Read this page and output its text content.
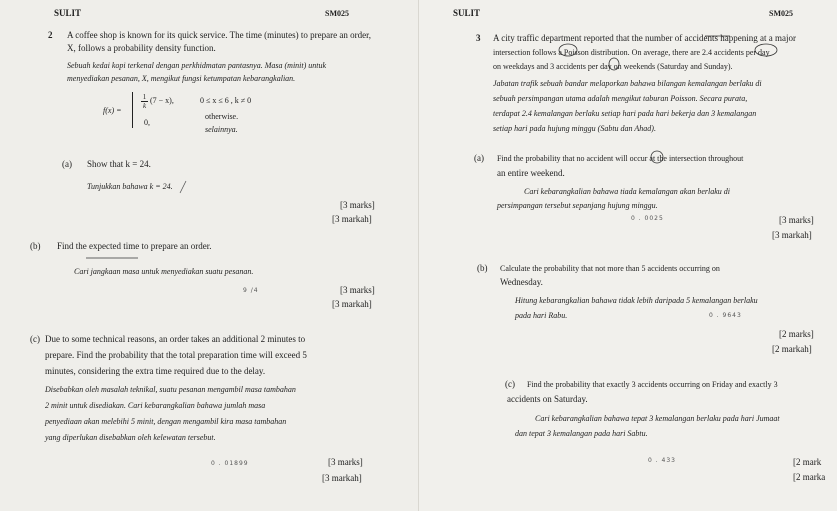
SULIT	SM025
2 A coffee shop is known for its quick service. The time (minutes) to prepare an order,
X, follows a probability density function.
Sebuah kedai kopi terkenal dengan perkhidmatan pantasnya. Masa (minit) untuk
menyediakan pesanan, X, mengikut fungsi ketumpatan kebarangkalian.
f(x) =
$\frac{1}{k} (7 - x)$,	0 ≤ x ≤ 6 , k ≠ 0
0,
otherwise.
selainnya.
(a) Show that k = 24.
Tunjukkan bahawa k = 24.
[3 marks]
[3 markah]
(b) Find the expected time to prepare an order.
Cari jangkaan masa untuk menyediakan suatu pesanan.
9 /4	[3 marks]
[3 markah]
(c) Due to some technical reasons, an order takes an additional 2 minutes to
prepare. Find the probability that the total preparation time will exceed 5
minutes, considering the extra time required due to the delay.
Disebabkan oleh masalah teknikal, suatu pesanan mengambil masa tambahan
2 minit untuk disediakan. Cari kebarangkalian bahawa jumlah masa
penyediaan akan melebihi 5 minit, dengan mengambil kira masa tambahan
yang diperlukan disebabkan oleh kelewatan tersebut.
0 . 01899	[3 marks]
[3 markah]
SULIT	SM025
3 A city traffic department reported that the number of accidents happening at a major
intersection follows a Poisson distribution. On average, there are 2.4 accidents per day
on weekdays and 3 accidents per day on weekends (Saturday and Sunday).
Jabatan trafik sebuah bandar melaporkan bahawa bilangan kemalangan berlaku di
sebuah persimpangan utama adalah mengikut taburan Poisson. Secara purata,
terdapat 2.4 kemalangan berlaku setiap hari pada hari bekerja dan 3 kemalangan
setiap hari pada hujung minggu (Sabtu dan Ahad).
(a) Find the probability that no accident will occur at the intersection throughout
an entire weekend.
Cari kebarangkalian bahawa tiada kemalangan akan berlaku di
persimpangan tersebut sepanjang hujung minggu.
0 . 0025	[3 marks]
[3 markah]
(b) Calculate the probability that not more than 5 accidents occurring on
Wednesday.
Hitung kebarangkalian bahawa tidak lebih daripada 5 kemalangan berlaku
pada hari Rabu.	0 . 9643
[2 marks]
[2 markah]
(c) Find the probability that exactly 3 accidents occurring on Friday and exactly 3
accidents on Saturday.
Cari kebarangkalian bahawa tepat 3 kemalangan berlaku pada hari Jumaat
dan tepat 3 kemalangan pada hari Sabtu.
0 . 433	[2 mark
[2 marka
